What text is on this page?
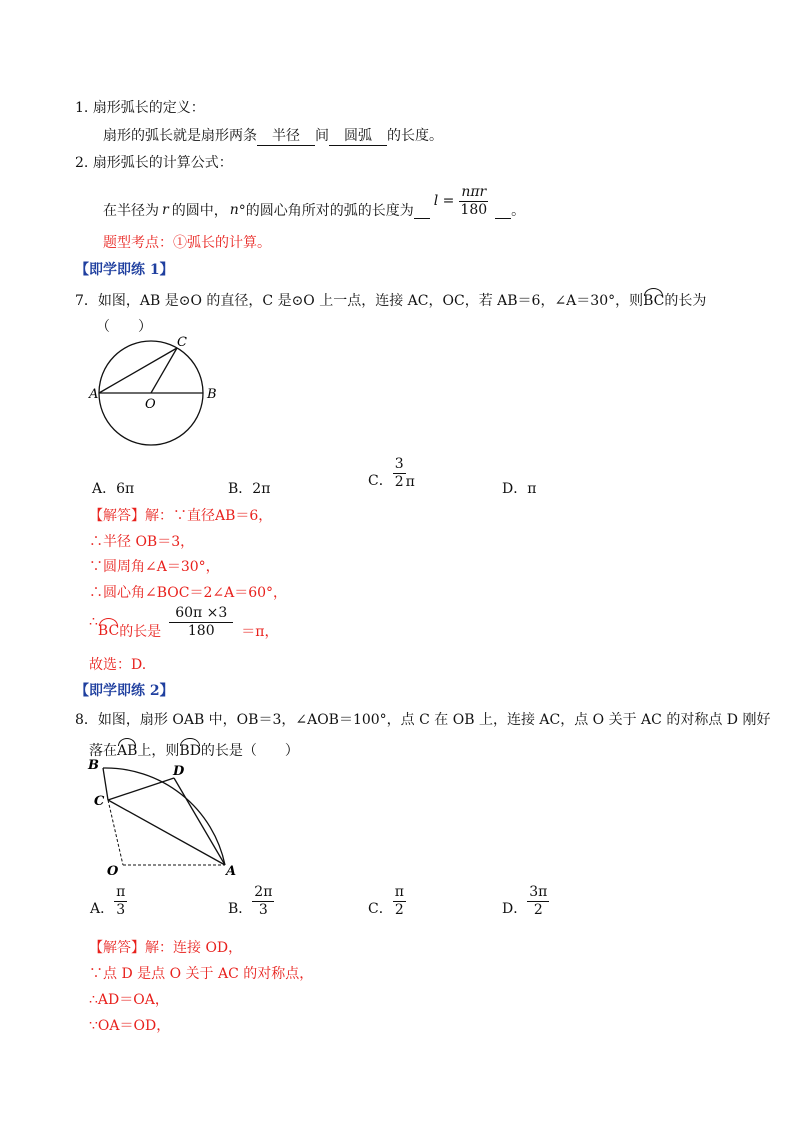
1. 扇形弧长的定义：
扇形的弧长就是扇形两条 半径 间 圆弧 的长度。
2. 扇形弧长的计算公式：
在半径为 r 的圆中， n °的圆心角所对的弧的长度为
$l = \frac{\text{nπr}}{180}$ 。
题型考点：①弧长的计算。
【即学即练 1】
7．如图，AB 是⊙O 的直径，C 是⊙O 上一点，连接 AC，OC，若 AB＝6，∠A＝30°，则BC的长为
（　　）
A	B
C
O
A．6π	B．2π	C． $\frac{3}{2}$ π	D．π
【解答】解：∵直径AB＝6，
∴半径 OB＝3，
∵圆周角∠A＝30°，
∴圆心角∠BOC＝2∠A＝60°，
∴
BC 的长是 $\frac{60\pi \times 3}{180} =\pi$，
故选：D.
【即学即练 2】
8．如图，扇形 OAB 中，OB＝3，∠AOB＝100°，点 C 在 OB 上，连接 AC，点 O 关于 AC 的对称点 D 刚好
落在AB上，则BD的长是（　　）
B	D
C
O	A
A． $\frac{\pi}{3}$	B． $\frac{2\pi}{3}$	C． $\frac{\pi}{2}$	D． $\frac{3\pi}{2}$
【解答】解：连接 OD，
∵点 D 是点 O 关于 AC 的对称点，
∴AD＝OA，
∵OA＝OD，
